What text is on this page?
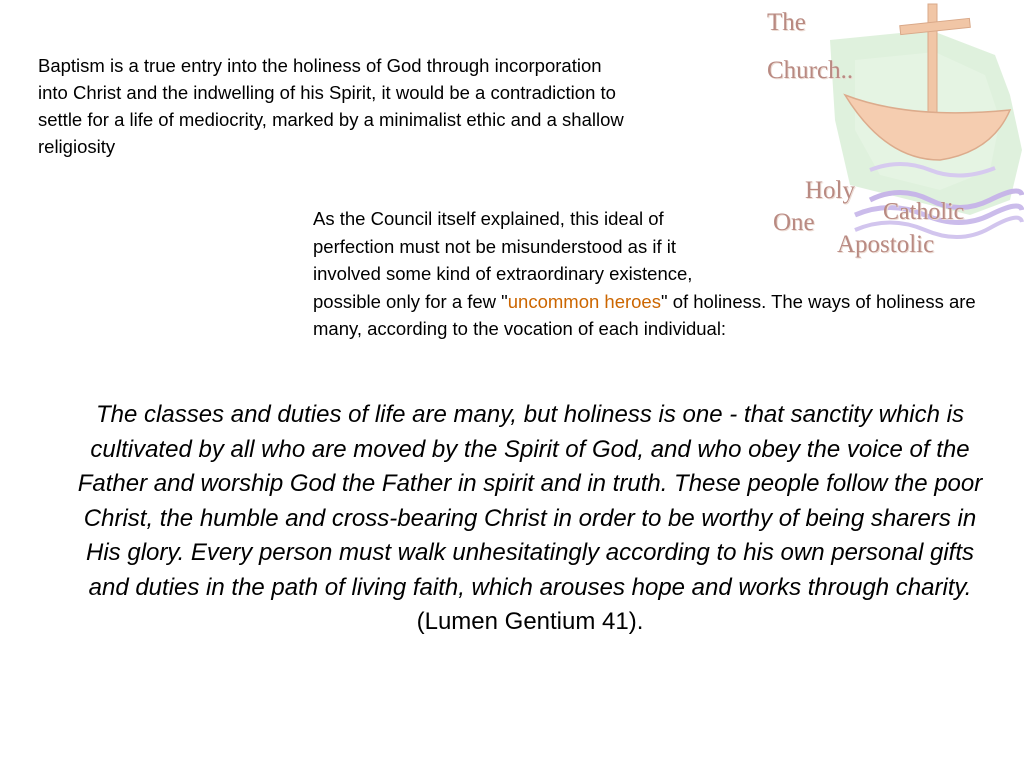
The
Church..
Holy
One	Catholic
Apostolic

Baptism is a true entry into the holiness of God through incorporation into Christ and the indwelling of his Spirit, it would be a contradiction to settle for a life of mediocrity, marked by a minimalist ethic and a shallow religiosity

As the Council itself explained, this ideal of
perfection must not be misunderstood as if it
involved some kind of extraordinary existence,
possible only for a few "uncommon heroes" of holiness. The ways of holiness are many, according to the vocation of each individual:

The classes and duties of life are many, but holiness is one - that sanctity which is cultivated by all who are moved by the Spirit of God, and who obey the voice of the Father and worship God the Father in spirit and in truth. These people follow the poor Christ, the humble and cross-bearing Christ in order to be worthy of being sharers in His glory. Every person must walk unhesitatingly according to his own personal gifts and duties in the path of living faith, which arouses hope and works through charity. (Lumen Gentium 41).
